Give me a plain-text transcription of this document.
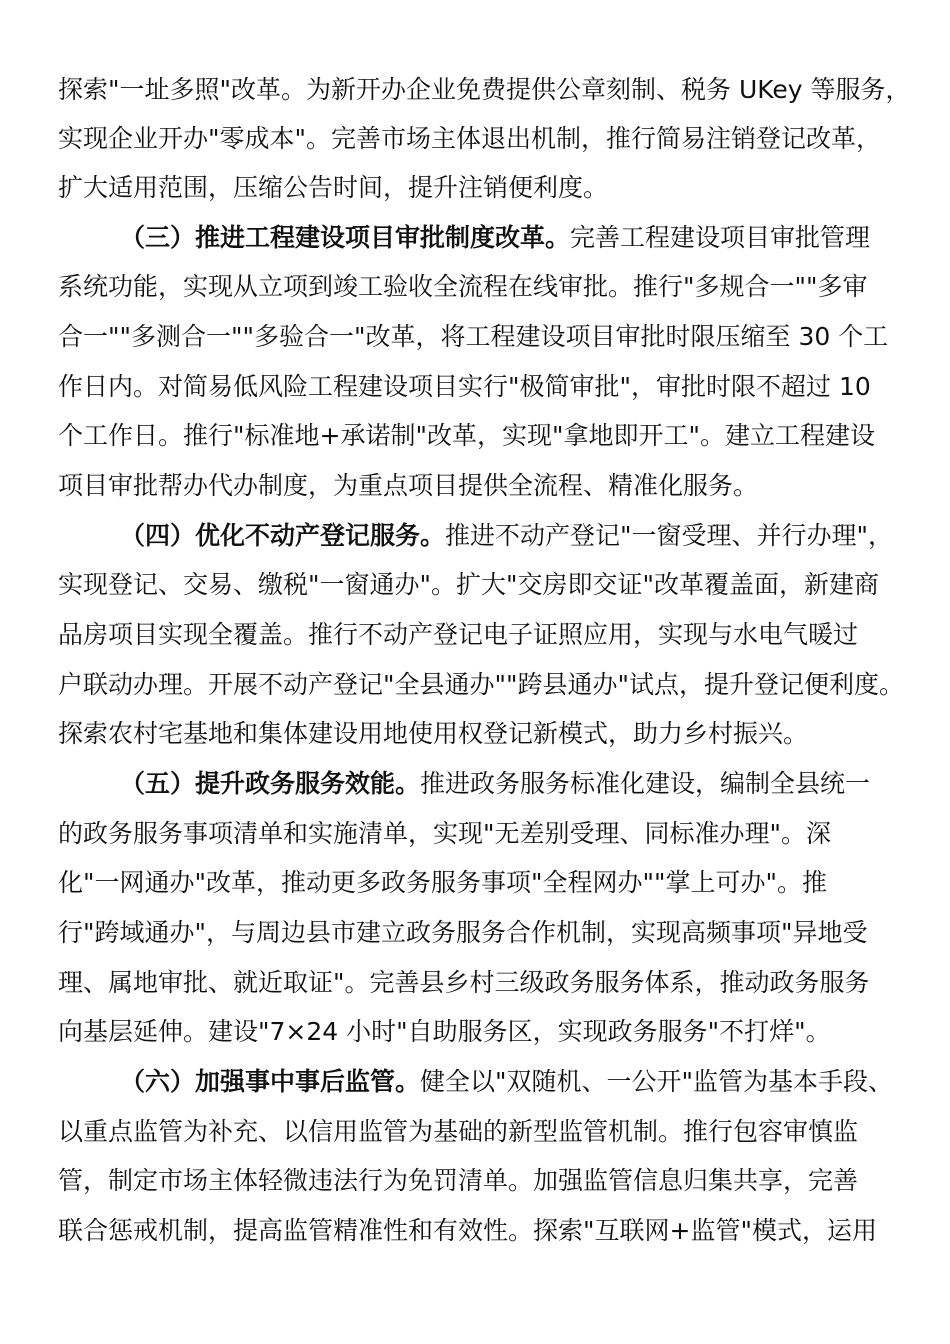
探索"一址多照"改革。为新开办企业免费提供公章刻制、税务 UKey 等服务，
实现企业开办"零成本"。完善市场主体退出机制，推行简易注销登记改革，
扩大适用范围，压缩公告时间，提升注销便利度。
（三）推进工程建设项目审批制度改革。完善工程建设项目审批管理
系统功能，实现从立项到竣工验收全流程在线审批。推行"多规合一""多审
合一""多测合一""多验合一"改革，将工程建设项目审批时限压缩至 30 个工
作日内。对简易低风险工程建设项目实行"极简审批"，审批时限不超过 10
个工作日。推行"标准地+承诺制"改革，实现"拿地即开工"。建立工程建设
项目审批帮办代办制度，为重点项目提供全流程、精准化服务。
（四）优化不动产登记服务。推进不动产登记"一窗受理、并行办理"，
实现登记、交易、缴税"一窗通办"。扩大"交房即交证"改革覆盖面，新建商
品房项目实现全覆盖。推行不动产登记电子证照应用，实现与水电气暖过
户联动办理。开展不动产登记"全县通办""跨县通办"试点，提升登记便利度。
探索农村宅基地和集体建设用地使用权登记新模式，助力乡村振兴。
（五）提升政务服务效能。推进政务服务标准化建设，编制全县统一
的政务服务事项清单和实施清单，实现"无差别受理、同标准办理"。深
化"一网通办"改革，推动更多政务服务事项"全程网办""掌上可办"。推
行"跨域通办"，与周边县市建立政务服务合作机制，实现高频事项"异地受
理、属地审批、就近取证"。完善县乡村三级政务服务体系，推动政务服务
向基层延伸。建设"7×24 小时"自助服务区，实现政务服务"不打烊"。
（六）加强事中事后监管。健全以"双随机、一公开"监管为基本手段、
以重点监管为补充、以信用监管为基础的新型监管机制。推行包容审慎监
管，制定市场主体轻微违法行为免罚清单。加强监管信息归集共享，完善
联合惩戒机制，提高监管精准性和有效性。探索"互联网+监管"模式，运用
